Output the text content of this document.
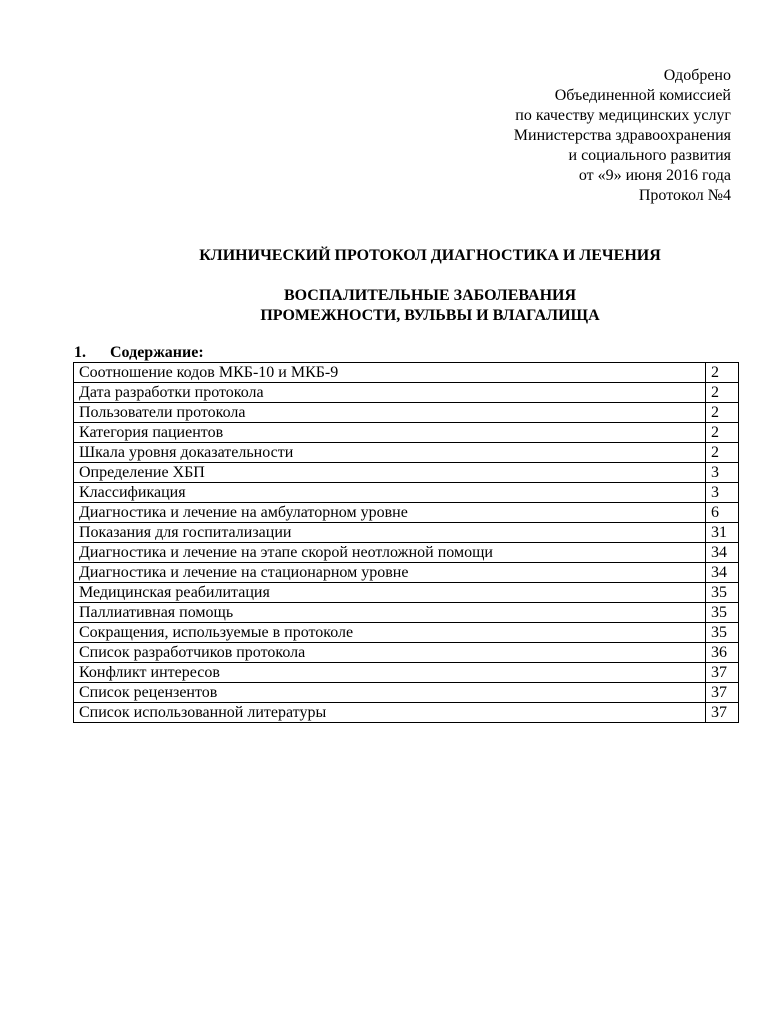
Одобрено
Объединенной комиссией
по качеству медицинских услуг
Министерства здравоохранения
и социального развития
от «9» июня 2016 года
Протокол №4
КЛИНИЧЕСКИЙ ПРОТОКОЛ ДИАГНОСТИКА И ЛЕЧЕНИЯ
ВОСПАЛИТЕЛЬНЫЕ ЗАБОЛЕВАНИЯ
ПРОМЕЖНОСТИ, ВУЛЬВЫ И ВЛАГАЛИЩА
1. Содержание:
Соотношение кодов МКБ-10 и МКБ-9	2
Дата разработки протокола	2
Пользователи протокола	2
Категория пациентов	2
Шкала уровня доказательности	2
Определение ХБП	3
Классификация	3
Диагностика и лечение на амбулаторном уровне	6
Показания для госпитализации	31
Диагностика и лечение на этапе скорой неотложной помощи	34
Диагностика и лечение на стационарном уровне	34
Медицинская реабилитация	35
Паллиативная помощь	35
Сокращения, используемые в протоколе	35
Список разработчиков протокола	36
Конфликт интересов	37
Список рецензентов	37
Список использованной литературы	37
